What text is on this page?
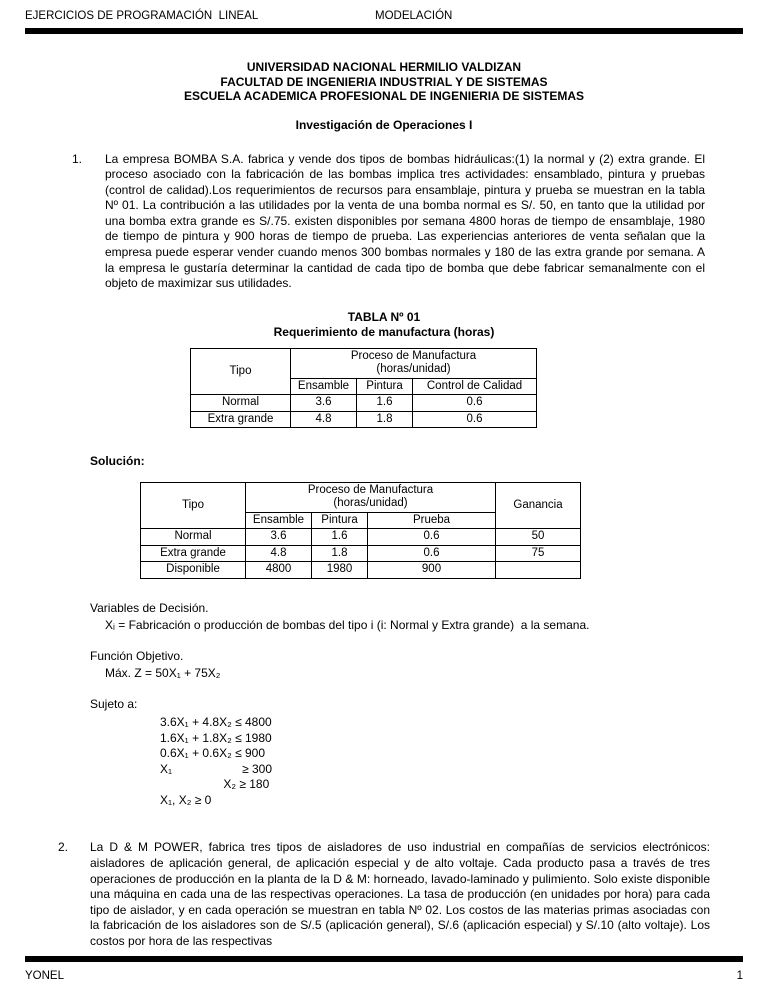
EJERCICIOS DE PROGRAMACIÓN  LINEAL	MODELACIÓN
UNIVERSIDAD NACIONAL HERMILIO VALDIZAN
FACULTAD DE INGENIERIA INDUSTRIAL Y DE SISTEMAS
ESCUELA ACADEMICA PROFESIONAL DE INGENIERIA DE SISTEMAS
Investigación de Operaciones I
1.	La empresa BOMBA S.A. fabrica y vende dos tipos de bombas hidráulicas:(1) la normal y (2) extra grande. El proceso asociado con la fabricación de las bombas implica tres actividades: ensamblado, pintura y pruebas (control de calidad).Los requerimientos de recursos para ensamblaje, pintura y prueba se muestran en la tabla Nº 01. La contribución a las utilidades por la venta de una bomba normal es S/. 50, en tanto que la utilidad por una bomba extra grande es S/.75. existen disponibles por semana 4800 horas de tiempo de ensamblaje, 1980 de tiempo de pintura y 900 horas de tiempo de prueba. Las experiencias anteriores de venta señalan que la empresa puede esperar vender cuando menos 300 bombas normales y 180 de las extra grande por semana. A la empresa le gustaría determinar la cantidad de cada tipo de bomba que debe fabricar semanalmente con el objeto de maximizar sus utilidades.
TABLA Nº 01
Requerimiento de manufactura (horas)
Tipo	Proceso de Manufactura
(horas/unidad)		

	Ensamble	Pintura	Control de Calidad
Normal	3.6	1.6	0.6
Extra grande	4.8	1.8	0.6
Solución:
Tipo	Proceso de Manufactura
(horas/unidad)			Ganancia
	Ensamble	Pintura	Prueba	
Normal	3.6	1.6	0.6	50
Extra grande	4.8	1.8	0.6	75
Disponible	4800	1980	900	
Variables de Decisión.
Xᵢ = Fabricación o producción de bombas del tipo i (i: Normal y Extra grande)  a la semana.
Función Objetivo.
Máx. Z = 50X₁ + 75X₂
Sujeto a:
3.6X₁ + 4.8X₂ ≤ 4800
1.6X₁ + 1.8X₂ ≤ 1980
0.6X₁ + 0.6X₂ ≤ 900
X₁                     ≥ 300
X₂ ≥ 180
X₁, X₂ ≥ 0
2.	La D & M POWER, fabrica tres tipos de aisladores de uso industrial en compañías de servicios electrónicos: aisladores de aplicación general, de aplicación especial y de alto voltaje. Cada producto pasa a través de tres operaciones de producción en la planta de la D & M: horneado, lavado-laminado y pulimiento. Solo existe disponible una máquina en cada una de las respectivas operaciones. La tasa de producción (en unidades por hora) para cada tipo de aislador, y en cada operación se muestran en tabla Nº 02. Los costos de las materias primas asociadas con la fabricación de los aisladores son de S/.5 (aplicación general), S/.6 (aplicación especial) y S/.10 (alto voltaje). Los costos por hora de las respectivas
YONEL	1
